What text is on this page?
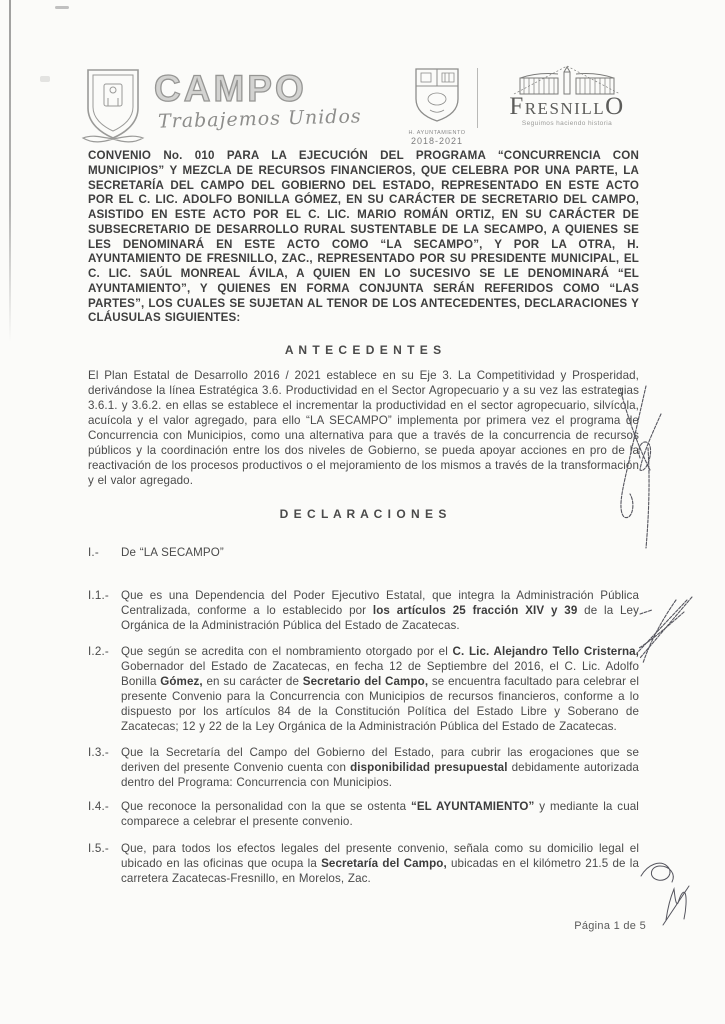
CAMPO
Trabajemos Unidos
H. AYUNTAMIENTO
2018-2021
FRESNILLO
Seguimos haciendo historia

CONVENIO No. 010 PARA LA EJECUCIÓN DEL PROGRAMA “CONCURRENCIA CON MUNICIPIOS” Y MEZCLA DE RECURSOS FINANCIEROS, QUE CELEBRA POR UNA PARTE, LA SECRETARÍA DEL CAMPO DEL GOBIERNO DEL ESTADO, REPRESENTADO EN ESTE ACTO POR EL C. LIC. ADOLFO BONILLA GÓMEZ, EN SU CARÁCTER DE SECRETARIO DEL CAMPO, ASISTIDO EN ESTE ACTO POR EL C. LIC. MARIO ROMÁN ORTIZ, EN SU CARÁCTER DE SUBSECRETARIO DE DESARROLLO RURAL SUSTENTABLE DE LA SECAMPO, A QUIENES SE LES DENOMINARÁ EN ESTE ACTO COMO “LA SECAMPO”, Y POR LA OTRA, H. AYUNTAMIENTO DE FRESNILLO, ZAC., REPRESENTADO POR SU PRESIDENTE MUNICIPAL, EL C. LIC. SAÚL MONREAL ÁVILA, A QUIEN EN LO SUCESIVO SE LE DENOMINARÁ “EL AYUNTAMIENTO”, Y QUIENES EN FORMA CONJUNTA SERÁN REFERIDOS COMO “LAS PARTES”, LOS CUALES SE SUJETAN AL TENOR DE LOS ANTECEDENTES, DECLARACIONES Y CLÁUSULAS SIGUIENTES:

A N T E C E D E N T E S

El Plan Estatal de Desarrollo 2016 / 2021 establece en su Eje 3. La Competitividad y Prosperidad, derivándose la línea Estratégica 3.6. Productividad en el Sector Agropecuario y a su vez las estrategias 3.6.1. y 3.6.2. en ellas se establece el incrementar la productividad en el sector agropecuario, silvícola, acuícola y el valor agregado, para ello “LA SECAMPO” implementa por primera vez el programa de Concurrencia con Municipios, como una alternativa para que a través de la concurrencia de recursos públicos y la coordinación entre los dos niveles de Gobierno, se pueda apoyar acciones en pro de la reactivación de los procesos productivos o el mejoramiento de los mismos a través de la transformación y el valor agregado.

D E C L A R A C I O N E S
I.-	De “LA SECAMPO”
I.1.-	Que es una Dependencia del Poder Ejecutivo Estatal, que integra la Administración Pública Centralizada, conforme a lo establecido por los artículos 25 fracción XIV y 39 de la Ley Orgánica de la Administración Pública del Estado de Zacatecas.
I.2.-	Que según se acredita con el nombramiento otorgado por el C. Lic. Alejandro Tello Cristerna, Gobernador del Estado de Zacatecas, en fecha 12 de Septiembre del 2016, el C. Lic. Adolfo Bonilla Gómez, en su carácter de Secretario del Campo, se encuentra facultado para celebrar el presente Convenio para la Concurrencia con Municipios de recursos financieros, conforme a lo dispuesto por los artículos 84 de la Constitución Política del Estado Libre y Soberano de Zacatecas; 12 y 22 de la Ley Orgánica de la Administración Pública del Estado de Zacatecas.
I.3.-	Que la Secretaría del Campo del Gobierno del Estado, para cubrir las erogaciones que se deriven del presente Convenio cuenta con disponibilidad presupuestal debidamente autorizada dentro del Programa: Concurrencia con Municipios.
I.4.-	Que reconoce la personalidad con la que se ostenta “EL AYUNTAMIENTO” y mediante la cual comparece a celebrar el presente convenio.
I.5.-	Que, para todos los efectos legales del presente convenio, señala como su domicilio legal el ubicado en las oficinas que ocupa la Secretaría del Campo, ubicadas en el kilómetro 21.5 de la carretera Zacatecas-Fresnillo, en Morelos, Zac.
Página 1 de 5
